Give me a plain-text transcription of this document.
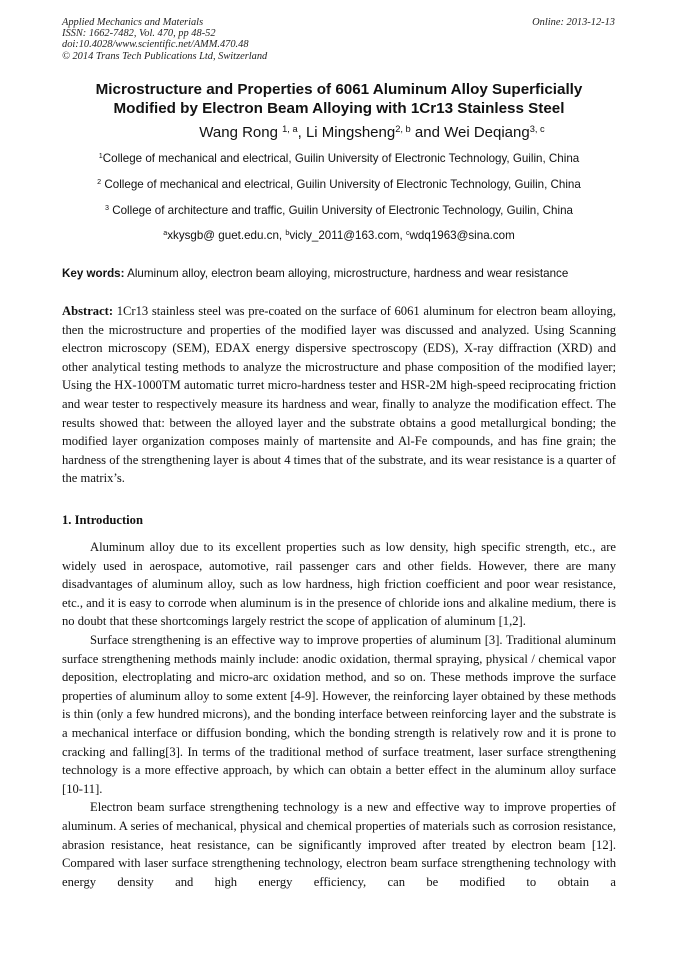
Applied Mechanics and Materials
ISSN: 1662-7482, Vol. 470, pp 48-52
doi:10.4028/www.scientific.net/AMM.470.48
© 2014 Trans Tech Publications Ltd, Switzerland
Online: 2013-12-13
Microstructure and Properties of 6061 Aluminum Alloy Superficially
Modified by Electron Beam Alloying with 1Cr13 Stainless Steel
Wang Rong $^{1, a}$, Li Mingsheng$^{2, b}$ and Wei Deqiang$^{3, c}$
$^1$College of mechanical and electrical, Guilin University of Electronic Technology, Guilin, China
$^2$ College of mechanical and electrical, Guilin University of Electronic Technology, Guilin, China
$^3$ College of architecture and traffic, Guilin University of Electronic Technology, Guilin, China
$^a$xkysgb@ guet.edu.cn, $^b$vicly_2011@163.com, $^c$wdq1963@sina.com
Key words: Aluminum alloy, electron beam alloying, microstructure, hardness and wear resistance
Abstract: 1Cr13 stainless steel was pre-coated on the surface of 6061 aluminum for electron beam alloying, then the microstructure and properties of the modified layer was discussed and analyzed. Using Scanning electron microscopy (SEM), EDAX energy dispersive spectroscopy (EDS), X-ray diffraction (XRD) and other analytical testing methods to analyze the microstructure and phase composition of the modified layer; Using the HX-1000TM automatic turret micro-hardness tester and HSR-2M high-speed reciprocating friction and wear tester to respectively measure its hardness and wear, finally to analyze the modification effect. The results showed that: between the alloyed layer and the substrate obtains a good metallurgical bonding; the modified layer organization composes mainly of martensite and Al-Fe compounds, and has fine grain; the hardness of the strengthening layer is about 4 times that of the substrate, and its wear resistance is a quarter of the matrix’s.
1. Introduction

Aluminum alloy due to its excellent properties such as low density, high specific strength, etc., are widely used in aerospace, automotive, rail passenger cars and other fields. However, there are many disadvantages of aluminum alloy, such as low hardness, high friction coefficient and poor wear resistance, etc., and it is easy to corrode when aluminum is in the presence of chloride ions and alkaline medium, there is no doubt that these shortcomings largely restrict the scope of application of aluminum [1,2].

Surface strengthening is an effective way to improve properties of aluminum [3]. Traditional aluminum surface strengthening methods mainly include: anodic oxidation, thermal spraying, physical / chemical vapor deposition, electroplating and micro-arc oxidation method, and so on. These methods improve the surface properties of aluminum alloy to some extent [4-9]. However, the reinforcing layer obtained by these methods is thin (only a few hundred microns), and the bonding interface between reinforcing layer and the substrate is a mechanical interface or diffusion bonding, which the bonding strength is relatively row and it is prone to cracking and falling[3]. In terms of the traditional method of surface treatment, laser surface strengthening technology is a more effective approach, by which can obtain a better effect in the aluminum alloy surface [10-11].

Electron beam surface strengthening technology is a new and effective way to improve properties of aluminum. A series of mechanical, physical and chemical properties of materials such as corrosion resistance, abrasion resistance, heat resistance, can be significantly improved after treated by electron beam [12]. Compared with laser surface strengthening technology, electron beam surface strengthening technology with energy density and high energy efficiency, can be modified to obtain a
